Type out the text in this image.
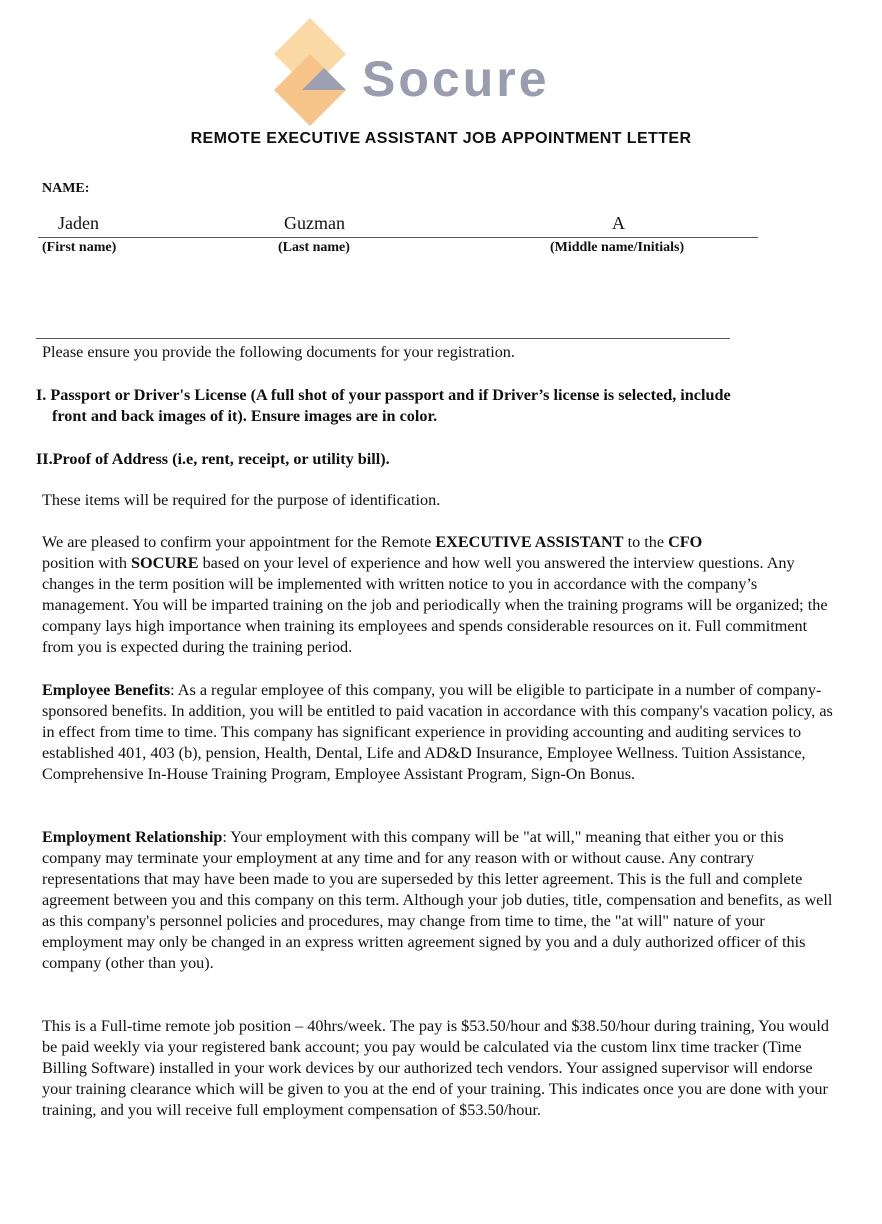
Socure
REMOTE EXECUTIVE ASSISTANT JOB APPOINTMENT LETTER
NAME:
Jaden	Guzman	A
(First name)	(Last name)	(Middle name/Initials)

Please ensure you provide the following documents for your registration.

I. Passport or Driver's License (A full shot of your passport and if Driver’s license is selected, include

front and back images of it). Ensure images are in color.

II.Proof of Address (i.e, rent, receipt, or utility bill).

These items will be required for the purpose of identification.

We are pleased to confirm your appointment for the Remote EXECUTIVE ASSISTANT to the CFO
position with SOCURE based on your level of experience and how well you answered the interview questions. Any changes in the term position will be implemented with written notice to you in accordance with the company’s management. You will be imparted training on the job and periodically when the training programs will be organized; the company lays high importance when training its employees and spends considerable resources on it. Full commitment from you is expected during the training period.

Employee Benefits: As a regular employee of this company, you will be eligible to participate in a number of company-sponsored benefits. In addition, you will be entitled to paid vacation in accordance with this company's vacation policy, as in effect from time to time. This company has significant experience in providing accounting and auditing services to established 401, 403 (b), pension, Health, Dental, Life and AD&D Insurance, Employee Wellness. Tuition Assistance, Comprehensive In-House Training Program, Employee Assistant Program, Sign-On Bonus.

Employment Relationship: Your employment with this company will be "at will," meaning that either you or this company may terminate your employment at any time and for any reason with or without cause. Any contrary representations that may have been made to you are superseded by this letter agreement. This is the full and complete agreement between you and this company on this term. Although your job duties, title, compensation and benefits, as well as this company's personnel policies and procedures, may change from time to time, the "at will" nature of your employment may only be changed in an express written agreement signed by you and a duly authorized officer of this company (other than you).

This is a Full-time remote job position – 40hrs/week. The pay is $53.50/hour and $38.50/hour during training, You would be paid weekly via your registered bank account; you pay would be calculated via the custom linx time tracker (Time Billing Software) installed in your work devices by our authorized tech vendors. Your assigned supervisor will endorse your training clearance which will be given to you at the end of your training. This indicates once you are done with your training, and you will receive full employment compensation of $53.50/hour.
